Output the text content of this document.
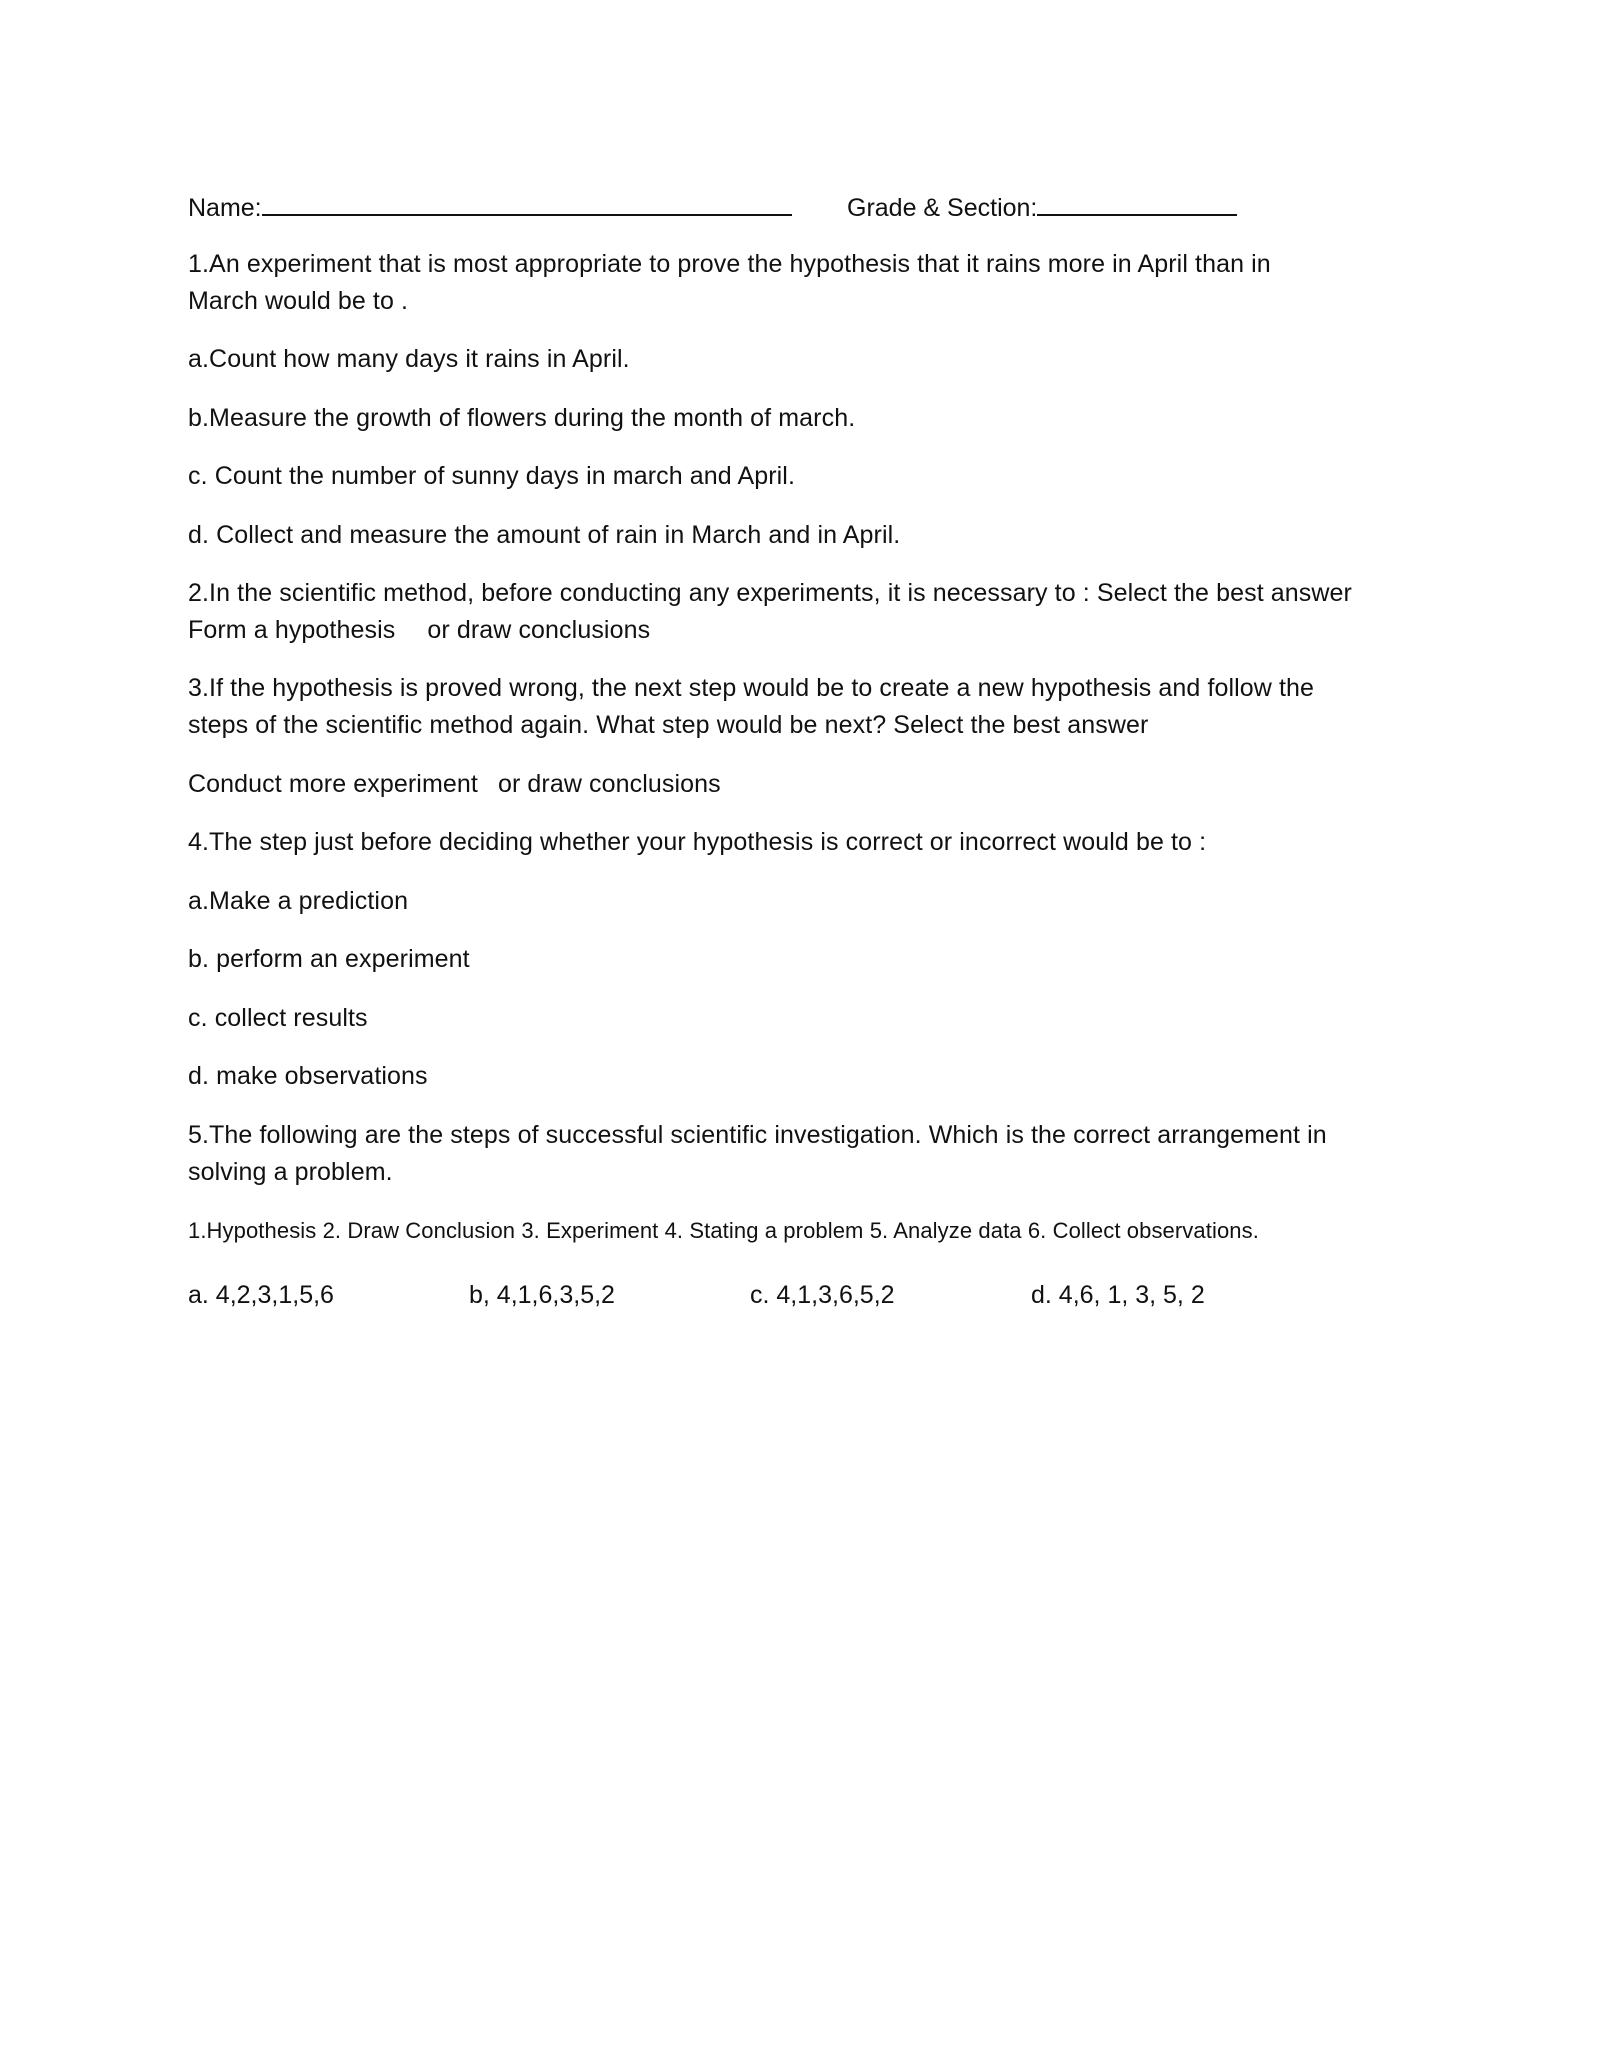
Name:	Grade & Section:
1.An experiment that is most appropriate to prove the hypothesis that it rains more in April than in
March would be to .
a.Count how many days it rains in April.
b.Measure the growth of flowers during the month of march.
c. Count the number of sunny days in march and April.
d. Collect and measure the amount of rain in March and in April.
2.In the scientific method, before conducting any experiments, it is necessary to : Select the best answer
Form a hypothesis or draw conclusions
3.If the hypothesis is proved wrong, the next step would be to create a new hypothesis and follow the
steps of the scientific method again. What step would be next? Select the best answer
Conduct more experiment or draw conclusions
4.The step just before deciding whether your hypothesis is correct or incorrect would be to :
a.Make a prediction
b. perform an experiment
c. collect results
d. make observations
5.The following are the steps of successful scientific investigation. Which is the correct arrangement in
solving a problem.
1.Hypothesis 2. Draw Conclusion 3. Experiment 4. Stating a problem 5. Analyze data 6. Collect observations.
a. 4,2,3,1,5,6	b, 4,1,6,3,5,2	c. 4,1,3,6,5,2	d. 4,6, 1, 3, 5, 2
